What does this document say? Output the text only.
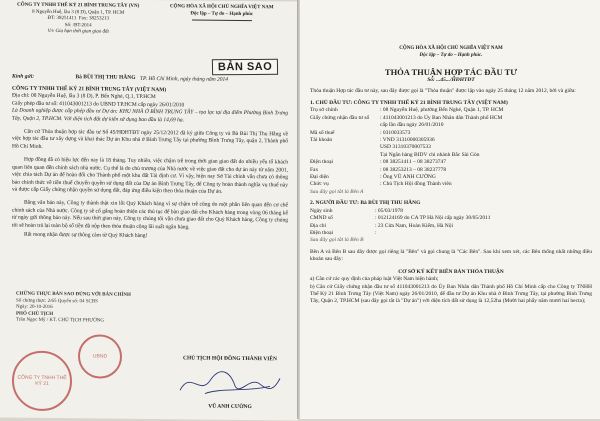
CÔNG TY TNHH THẾ KỶ 21 BÌNH TRUNG TÂY (VN)
8 Nguyễn Huệ, lầu 3 (8 D), Quận 1, TP. HCM
ĐT: 38251411 Fax: 38253213
Số: /BT-2014
V/v Gia hạn thời gian giao đất
CỘNG HÒA XÃ HỘI CHỦ NGHĨA VIỆT NAM
Độc lập – Tự do – Hạnh phúc
BẢN SAO
TP. Hồ Chí Minh, ngày tháng năm 2014
Kính gửi:	Bà BÙI THỊ THU HẰNG
CÔNG TY TNHH THẾ KỶ 21 BÌNH TRUNG TÂY (VIỆT NAM)
Địa chỉ: 08 Nguyễn Huệ, lầu 3 (8 D), P. Bến Nghé, Q.1, TP.HCM
Giấy phép đầu tư số: 411043001213 do UBND TP.HCM cấp ngày 26/01/2010
Là Doanh nghiệp được cấp phép đầu tư Dự án: KHU NHÀ Ở BÌNH TRUNG TÂY – tọa lạc tại địa điểm Phường Bình Trưng Tây, Quận 2, TP.HCM. Với diện tích đất dự kiến sử dụng ban đầu là 14,69 ha.
Căn cứ Thỏa thuận hợp tác đầu tư Số 45/HĐHTĐT ngày 25/12/2012 đã ký giữa Công ty và Bà Bùi Thị Thu Hằng về việc hợp tác đầu tư xây dựng và khai thác Dự án Khu nhà ở Bình Trưng Tây tại phường Bình Trưng Tây, quận 2, Thành phố Hồ Chí Minh.
Hợp đồng đã có hiệu lực đến nay là 18 tháng. Tuy nhiên, việc chậm trễ trong thời gian giao đất do nhiều yếu tố khách quan liên quan đến chính sách nhà nước. Cụ thể là do chủ trương của Nhà nước về việc giao đất cho dự án này từ năm 2001, việc chia tách Dự án để hoàn đổi cho Thành phố một khu đất Tái định cư. Vì vậy, hiện nay Sở Tài chính vẫn chưa có thông báo chính thức về tiền thuế chuyển quyền sử dụng đất của Dự án Bình Trưng Tây, để Công ty hoàn thành nghĩa vụ thuế này và được cấp Giấy chứng nhận quyền sử dụng đất, đáp ứng điều kiện theo thỏa thuận của Dự án.
Bằng văn bản này, Công ty thành thật xin lỗi Quý Khách hàng vì sự chậm trễ cũng do một phần liên quan đến cơ chế chính sách của Nhà nước. Công ty sẽ cố gắng hoàn thiện các thủ tục để bàn giao đất cho Khách hàng trong vòng 06 tháng kể từ ngày gửi thông báo này. Nếu sau thời gian này, Công ty chúng tôi vẫn chưa giao đất cho Quý Khách hàng, Công ty chúng tôi sẽ hoàn trả lại toàn bộ số tiền đã nộp theo thỏa thuận cộng lãi suất ngân hàng.
Rất mong nhận được sự thông cảm từ Quý Khách hàng!
CHỨNG THỰC BẢN SAO ĐÚNG VỚI BẢN CHÍNH
Số chứng thực: 2/65 Quyển số: 04 SCBS
Ngày: 20-10-2016
PHÓ CHỦ TỊCH
Trần Ngọc Mỹ / KT. CHỦ TỊCH PHƯỜNG
UBND
CÔNG TY TNHH THẾ KỶ 21
CHỦ TỊCH HỘI ĐỒNG THÀNH VIÊN
VŨ ANH CƯỜNG
CỘNG HÒA XÃ HỘI CHỦ NGHĨA VIỆT NAM
Độc lập – Tự do – Hạnh phúc.
THỎA THUẬN HỢP TÁC ĐẦU TƯ
Số: ...45.../HĐHTĐT
Thỏa thuận Hợp tác đầu tư này, sau đây được gọi là "Thỏa thuận" được lập vào ngày 25 tháng 12 năm 2012, bởi và giữa:
1. CHỦ ĐẦU TƯ: CÔNG TY TNHH THẾ KỶ 21 BÌNH TRUNG TÂY (VIỆT NAM)
Trụ sở chính	: 08 Nguyễn Huệ, phường Bến Nghé, Quận 1, TP. HCM
Giấy chứng nhận đầu tư số	: 411043001213 do Ủy Ban Nhân dân Thành phố HCM
cấp lần đầu ngày 26/01/2010
Mã số thuế	: 0310033573
Tài khoản	: VND 31310000305936
USD 31310370007533
Tại Ngân hàng BIDV chi nhánh Bắc Sài Gòn
Điện thoại	: 08 38251411 – 08 38273747
Fax	: 08 38253213 – 08 38237778
Đại diện	: Ông VŨ ANH CƯỜNG
Chức vụ	: Chủ Tịch Hội đồng Thành viên
Sau đây gọi tắt là Bên A
2. NGƯỜI ĐẦU TƯ: Bà BÙI THỊ THU HẰNG
Ngày sinh	: 05/03/1978
CMND số	: 012124169 do CA TP Hà Nội cấp ngày 30/05/2011
Địa chỉ	: 23 Cửa Nam, Hoàn Kiếm, Hà Nội
Điện thoại	:
Sau đây gọi tắt là Bên B
Bên A và Bên B sau đây được gọi riêng là "Bên" và gọi chung là "Các Bên". Sau khi xem xét, các Bên thống nhất những điều khoản sau đây:
CƠ SỞ KÝ KẾT BIÊN BẢN THỎA THUẬN
a) Căn cứ các quy định của pháp luật Việt Nam hiện hành;
b) Căn cứ Giấy chứng nhận đầu tư số 411043001213 do Ủy Ban Nhân dân Thành phố Hồ Chí Minh cấp cho Công ty TNHH Thế Kỷ 21 Bình Trưng Tây (Việt Nam) ngày 26/01/2010, để đầu tư Dự án Khu nhà ở Bình Trưng Tây, tại phường Bình Trưng Tây, Quận 2, TP.HCM (sau đây gọi tắt là "Dự án") với diện tích đất sử dụng là 12,52ha (Mười hai phẩy năm mươi hai hecta);
